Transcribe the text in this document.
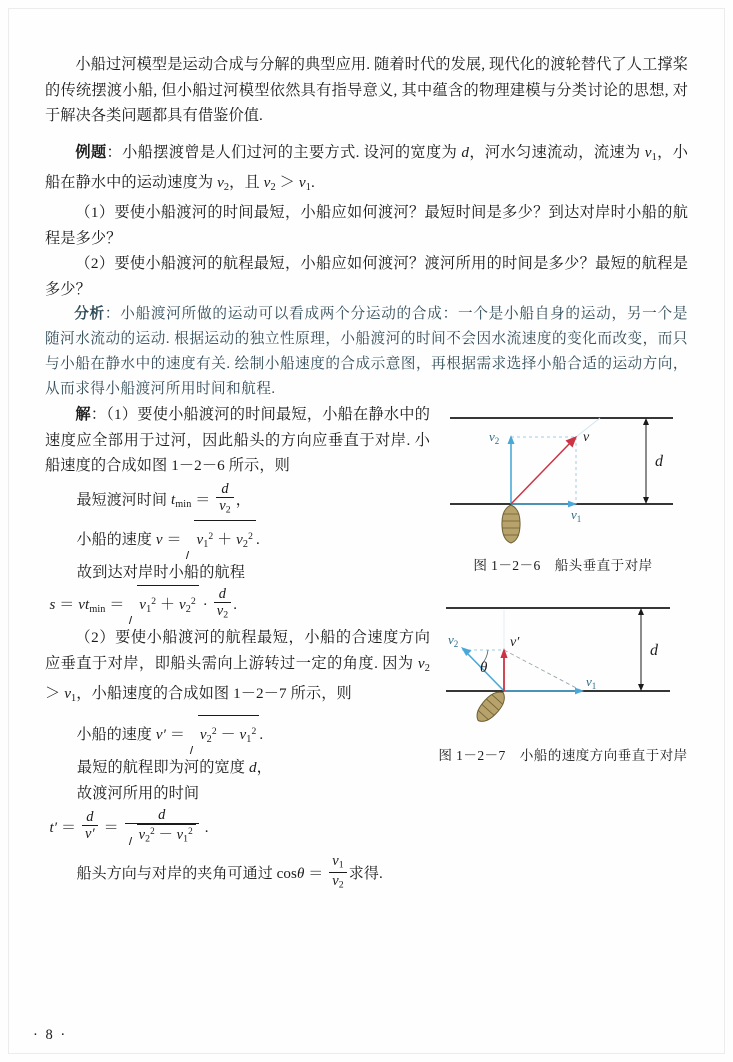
小船过河模型是运动合成与分解的典型应用. 随着时代的发展, 现代化的渡轮替代了人工撑桨的传统摆渡小船, 但小船过河模型依然具有指导意义, 其中蕴含的物理建模与分类讨论的思想, 对于解决各类问题都具有借鉴价值.

例题：小船摆渡曾是人们过河的主要方式. 设河的宽度为 d，河水匀速流动，流速为 $v_1$，小船在静水中的运动速度为 $v_2$，且 $v_2 > v_1$.

（1）要使小船渡河的时间最短，小船应如何渡河？最短时间是多少？到达对岸时小船的航程是多少？

（2）要使小船渡河的航程最短，小船应如何渡河？渡河所用的时间是多少？最短的航程是多少？

分析：小船渡河所做的运动可以看成两个分运动的合成：一个是小船自身的运动，另一个是随河水流动的运动. 根据运动的独立性原理，小船渡河的时间不会因水流速度的变化而改变，而只与小船在静水中的速度有关. 绘制小船速度的合成示意图，再根据需求选择小船合适的运动方向，从而求得小船渡河所用时间和航程.

d
$v_2$
$v_1$
v
图 1－2－6　船头垂直于对岸
d
$v_2$
θ
$v_1$
v′
图 1－2－7　小船的速度方向垂直于对岸

解：（1）要使小船渡河的时间最短，小船在静水中的速度应全部用于过河，因此船头的方向应垂直于对岸. 小船速度的合成如图 1－2－6 所示，则

最短渡河时间 $t_{min} = \frac{d}{v_2}$ ，

小船的速度 $v = v_1^2 + v_2^2$ .

故到达对岸时小船的航程

$s = vt_{min} = v_1^2 + v_2^2 \cdot \frac{d}{v_2}$ .

（2）要使小船渡河的航程最短，小船的合速度方向应垂直于对岸，即船头需向上游转过一定的角度. 因为 $v_2 > v_1$，小船速度的合成如图 1－2－7 所示，则

小船的速度 $v' = v_2^2 - v_1^2$ .

最短的航程即为河的宽度 d，

故渡河所用的时间

$t' = \frac{d}{v'} = \frac{d}{v_2^2 - v_1^2}$ .

船头方向与对岸的夹角可通过 $\cos\theta = \frac{v_1}{v_2}$ 求得.

· 8 ·
